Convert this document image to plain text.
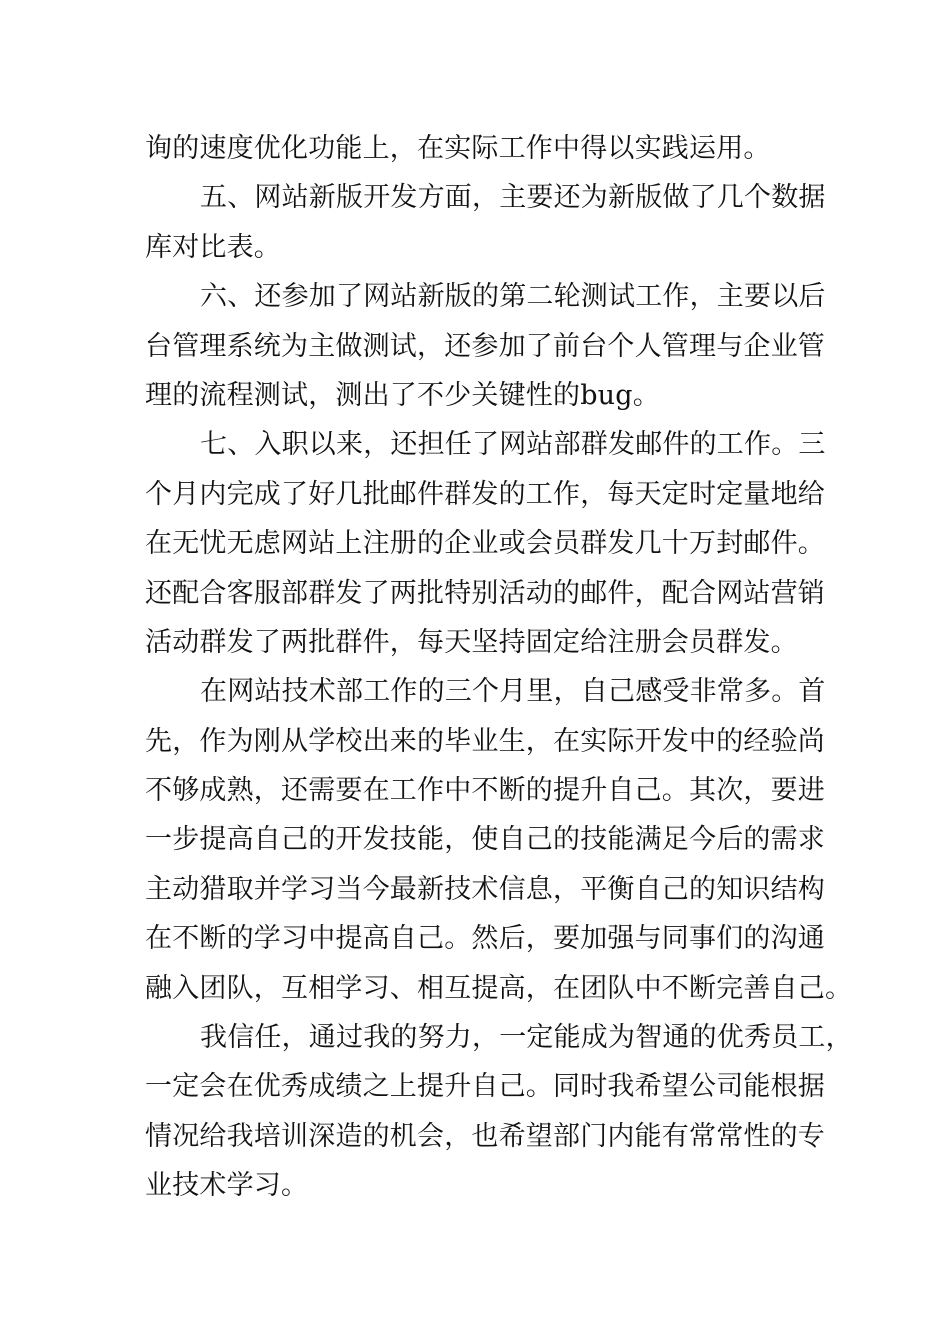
询的速度优化功能上，在实际工作中得以实践运用。
五、网站新版开发方面，主要还为新版做了几个数据
库对比表。
六、还参加了网站新版的第二轮测试工作，主要以后
台管理系统为主做测试，还参加了前台个人管理与企业管
理的流程测试，测出了不少关键性的bug。
七、入职以来，还担任了网站部群发邮件的工作。三
个月内完成了好几批邮件群发的工作，每天定时定量地给
在无忧无虑网站上注册的企业或会员群发几十万封邮件。
还配合客服部群发了两批特别活动的邮件，配合网站营销
活动群发了两批群件，每天坚持固定给注册会员群发。
在网站技术部工作的三个月里，自己感受非常多。首
先，作为刚从学校出来的毕业生，在实际开发中的经验尚
不够成熟，还需要在工作中不断的提升自己。其次，要进
一步提高自己的开发技能，使自己的技能满足今后的需求
主动猎取并学习当今最新技术信息，平衡自己的知识结构
在不断的学习中提高自己。然后，要加强与同事们的沟通
融入团队，互相学习、相互提高，在团队中不断完善自己。
我信任，通过我的努力，一定能成为智通的优秀员工，
一定会在优秀成绩之上提升自己。同时我希望公司能根据
情况给我培训深造的机会，也希望部门内能有常常性的专
业技术学习。
